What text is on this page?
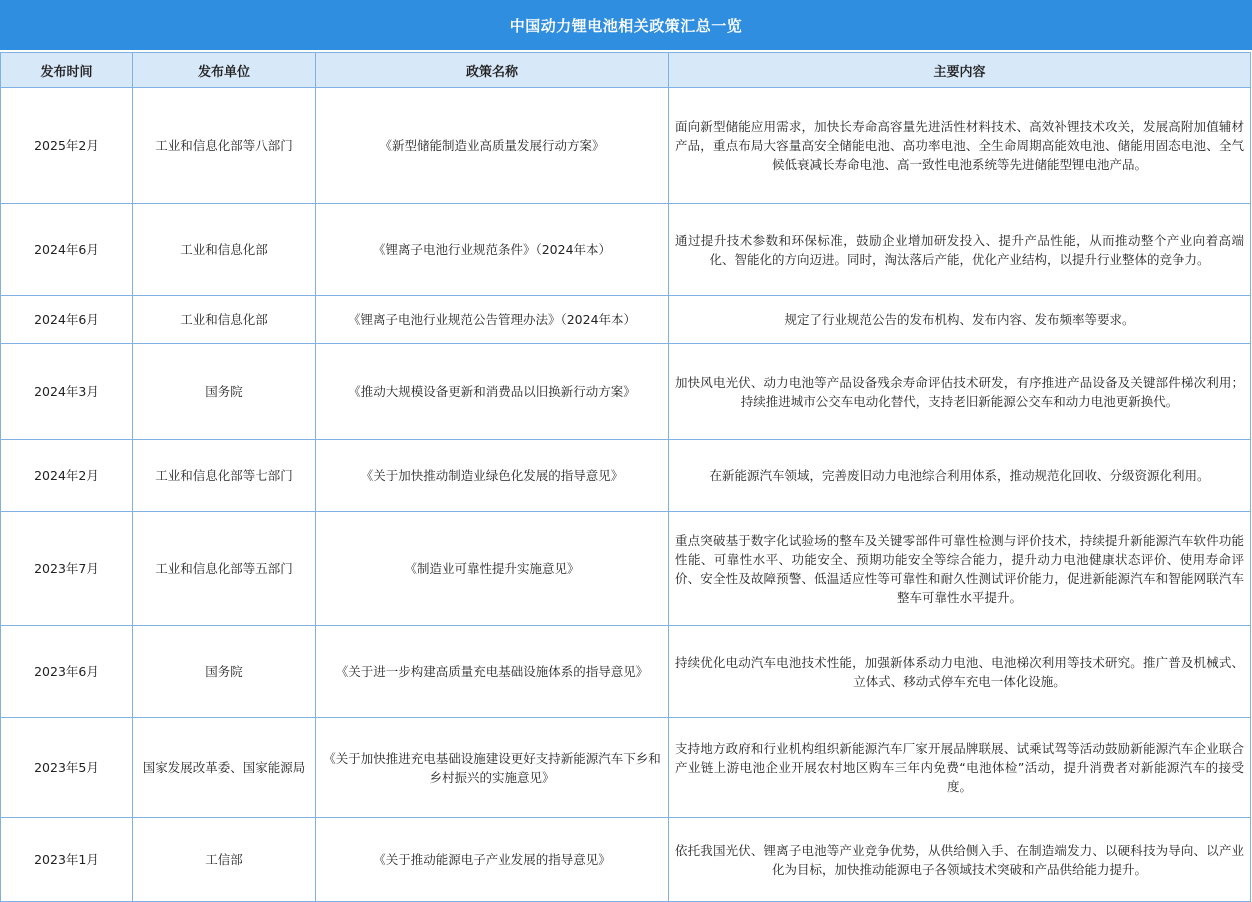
中国动力锂电池相关政策汇总一览
发布时间	发布单位	政策名称	主要内容
2025年2月	工业和信息化部等八部门	《新型储能制造业高质量发展行动方案》	面向新型储能应用需求，加快长寿命高容量先进活性材料技术、高效补锂技术攻关，发展高附加值辅材产品，重点布局大容量高安全储能电池、高功率电池、全生命周期高能效电池、储能用固态电池、全气候低衰减长寿命电池、高一致性电池系统等先进储能型锂电池产品。
2024年6月	工业和信息化部	《锂离子电池行业规范条件》（2024年本）	通过提升技术参数和环保标准，鼓励企业增加研发投入、提升产品性能，从而推动整个产业向着高端化、智能化的方向迈进。同时，淘汰落后产能，优化产业结构，以提升行业整体的竞争力。
2024年6月	工业和信息化部	《锂离子电池行业规范公告管理办法》（2024年本）	规定了行业规范公告的发布机构、发布内容、发布频率等要求。
2024年3月	国务院	《推动大规模设备更新和消费品以旧换新行动方案》	加快风电光伏、动力电池等产品设备残余寿命评估技术研发，有序推进产品设备及关键部件梯次利用；持续推进城市公交车电动化替代，支持老旧新能源公交车和动力电池更新换代。
2024年2月	工业和信息化部等七部门	《关于加快推动制造业绿色化发展的指导意见》	在新能源汽车领域，完善废旧动力电池综合利用体系，推动规范化回收、分级资源化利用。
2023年7月	工业和信息化部等五部门	《制造业可靠性提升实施意见》	重点突破基于数字化试验场的整车及关键零部件可靠性检测与评价技术，持续提升新能源汽车软件功能性能、可靠性水平、功能安全、预期功能安全等综合能力，提升动力电池健康状态评价、使用寿命评价、安全性及故障预警、低温适应性等可靠性和耐久性测试评价能力，促进新能源汽车和智能网联汽车整车可靠性水平提升。
2023年6月	国务院	《关于进一步构建高质量充电基础设施体系的指导意见》	持续优化电动汽车电池技术性能，加强新体系动力电池、电池梯次利用等技术研究。推广普及机械式、立体式、移动式停车充电一体化设施。
2023年5月	国家发展改革委、国家能源局	《关于加快推进充电基础设施建设更好支持新能源汽车下乡和乡村振兴的实施意见》	支持地方政府和行业机构组织新能源汽车厂家开展品牌联展、试乘试驾等活动鼓励新能源汽车企业联合产业链上游电池企业开展农村地区购车三年内免费“电池体检”活动，提升消费者对新能源汽车的接受度。
2023年1月	工信部	《关于推动能源电子产业发展的指导意见》	依托我国光伏、锂离子电池等产业竞争优势，从供给侧入手、在制造端发力、以硬科技为导向、以产业化为目标，加快推动能源电子各领域技术突破和产品供给能力提升。
